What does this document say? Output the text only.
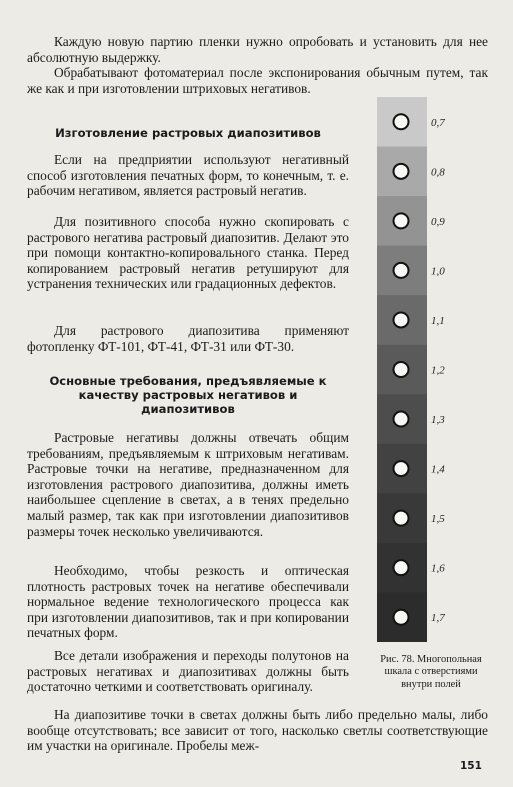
Каждую новую партию пленки нужно опробовать и установить для нее абсолютную выдержку.

Обрабатывают фотоматериал после экспонирования обычным путем, так же как и при изготовлении штриховых негативов.

Изготовление растровых диапозитивов

Если на предприятии используют негативный способ изготовления печатных форм, то конечным, т. е. рабочим негативом, является растровый негатив.

Для позитивного способа нужно скопировать с растрового негатива растровый диапозитив. Делают это при помощи контактно-копировального станка. Перед копированием растровый негатив ретушируют для устранения технических или градационных дефектов.

Для растрового диапозитива применяют фотопленку ФТ-101, ФТ-41, ФТ-31 или ФТ-30.

Основные требования, предъявляемые к качеству растровых негативов и диапозитивов

Растровые негативы должны отвечать общим требованиям, предъявляемым к штриховым негативам. Растровые точки на негативе, предназначенном для изготовления растрового диапозитива, должны иметь наибольшее сцепление в светах, а в тенях предельно малый размер, так как при изготовлении диапозитивов размеры точек несколько увеличиваются.

Необходимо, чтобы резкость и оптическая плотность растровых точек на негативе обеспечивали нормальное ведение технологического процесса как при изготовлении диапозитивов, так и при копировании печатных форм.

Все детали изображения и переходы полутонов на растровых негативах и диапозитивах должны быть достаточно четкими и соответствовать оригиналу.

На диапозитиве точки в светах должны быть либо предельно малы, либо вообще отсутствовать; все зависит от того, насколько светлы соответствующие им участки на оригинале. Пробелы меж-

0,7
0,8
0,9
1,0
1,1
1,2
1,3
1,4
1,5
1,6
1,7

Рис. 78. Многопольная шкала с отверстиями внутри полей

151
